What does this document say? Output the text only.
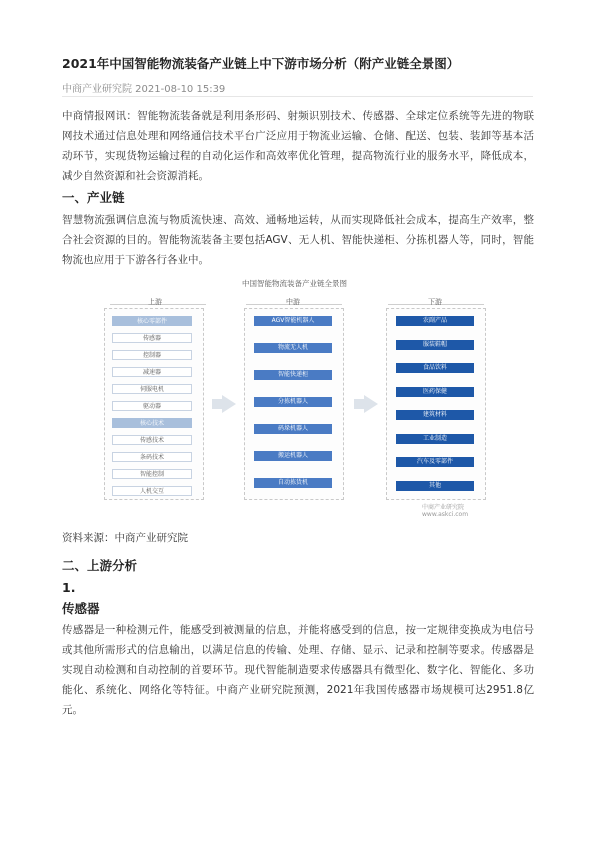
2021年中国智能物流装备产业链上中下游市场分析（附产业链全景图）
中商产业研究院 2021-08-10 15:39

中商情报网讯：智能物流装备就是利用条形码、射频识别技术、传感器、全球定位系统等先进的物联网技术通过信息处理和网络通信技术平台广泛应用于物流业运输、仓储、配送、包装、装卸等基本活动环节，实现货物运输过程的自动化运作和高效率优化管理，提高物流行业的服务水平，降低成本，减少自然资源和社会资源消耗。

一、产业链

智慧物流强调信息流与物质流快速、高效、通畅地运转，从而实现降低社会成本，提高生产效率，整合社会资源的目的。智能物流装备主要包括AGV、无人机、智能快递柜、分拣机器人等，同时，智能物流也应用于下游各行各业中。

中国智能物流装备产业链全景图
上游	中游	下游
中商产业研究院www.askci.com
核心零部件
传感器
控制器
减速器
伺服电机
驱动器
核心技术
传感技术
条码技术
智能控制
人机交互
AGV智能机器人
物流无人机
智能快递柜
分拣机器人
码垛机器人
搬运机器人
自动拣货机
农副产品
服装鞋帽
食品饮料
医药保健
建筑材料
工业制造
汽车及零部件
其他
资料来源：中商产业研究院
二、上游分析
1.
传感器

传感器是一种检测元件，能感受到被测量的信息，并能将感受到的信息，按一定规律变换成为电信号或其他所需形式的信息输出，以满足信息的传输、处理、存储、显示、记录和控制等要求。传感器是实现自动检测和自动控制的首要环节。现代智能制造要求传感器具有微型化、数字化、智能化、多功能化、系统化、网络化等特征。中商产业研究院预测，2021年我国传感器市场规模可达2951.8亿元。
